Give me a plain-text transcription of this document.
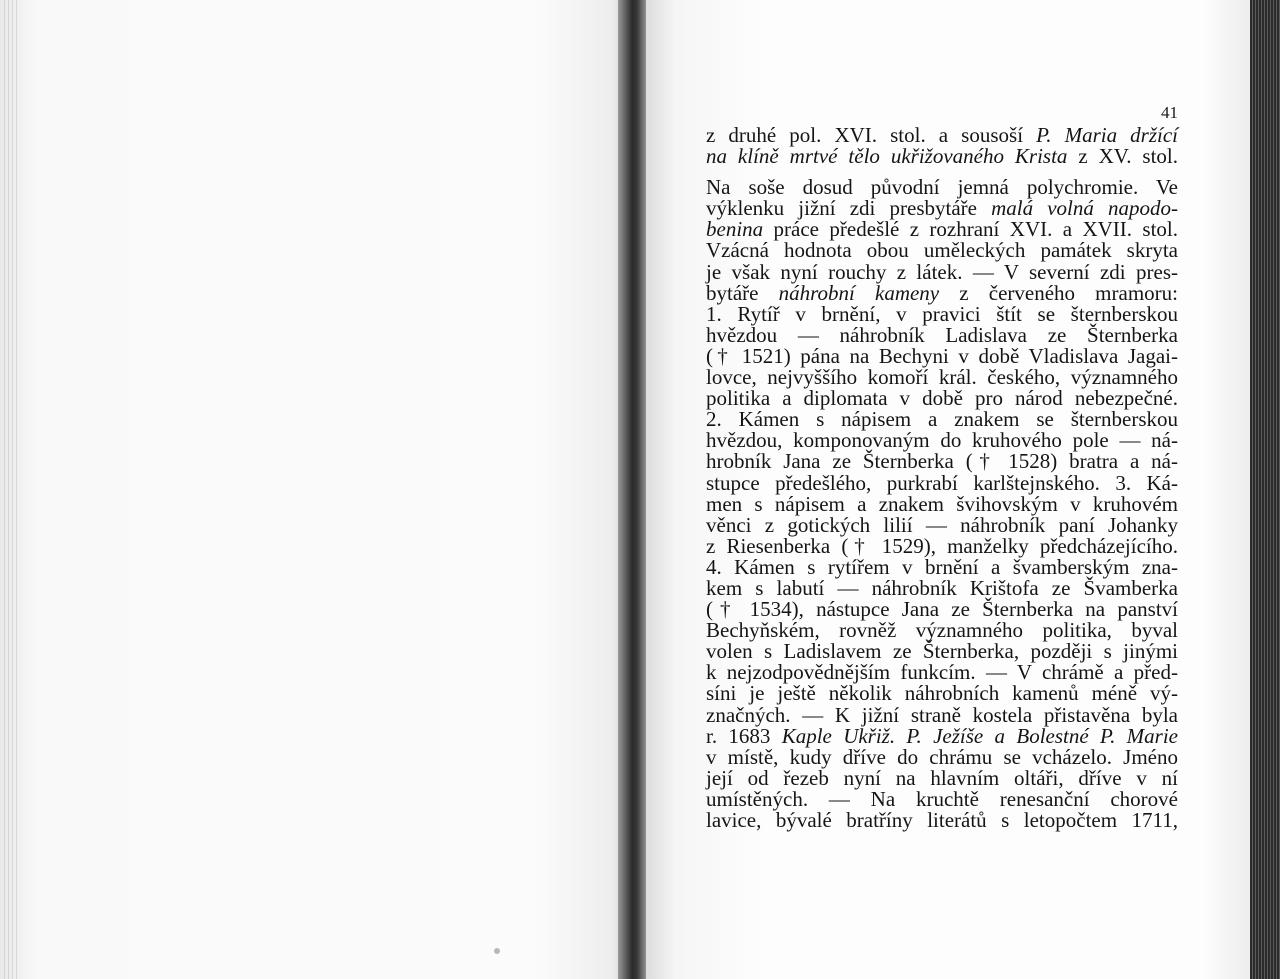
41
z druhé pol. XVI. stol. a sousoší P. Maria držící
na klíně mrtvé tělo ukřižovaného Krista z XV. stol.
Na soše dosud původní jemná polychromie. Ve
výklenku jižní zdi presbytáře malá volná napodo-
benina práce předešlé z rozhraní XVI. a XVII. stol.
Vzácná hodnota obou uměleckých památek skryta
je však nyní rouchy z látek. — V severní zdi pres-
bytáře náhrobní kameny z červeného mramoru:
1. Rytíř v brnění, v pravici štít se šternberskou
hvězdou — náhrobník Ladislava ze Šternberka
(† 1521) pána na Bechyni v době Vladislava Jagai-
lovce, nejvyššího komoří král. českého, významného
politika a diplomata v době pro národ nebezpečné.
2. Kámen s nápisem a znakem se šternberskou
hvězdou, komponovaným do kruhového pole — ná-
hrobník Jana ze Šternberka († 1528) bratra a ná-
stupce předešlého, purkrabí karlštejnského. 3. Ká-
men s nápisem a znakem švihovským v kruhovém
věnci z gotických lilií — náhrobník paní Johanky
z Riesenberka († 1529), manželky předcházejícího.
4. Kámen s rytířem v brnění a švamberským zna-
kem s labutí — náhrobník Krištofa ze Švamberka
(† 1534), nástupce Jana ze Šternberka na panství
Bechyňském, rovněž významného politika, byval
volen s Ladislavem ze Šternberka, později s jinými
k nejzodpovědnějším funkcím. — V chrámě a před-
síni je ještě několik náhrobních kamenů méně vý-
značných. — K jižní straně kostela přistavěna byla
r. 1683 Kaple Ukřiž. P. Ježíše a Bolestné P. Marie
v místě, kudy dříve do chrámu se vcházelo. Jméno
její od řezeb nyní na hlavním oltáři, dříve v ní
umístěných. — Na kruchtě renesanční chorové
lavice, bývalé bratříny literátů s letopočtem 1711,
